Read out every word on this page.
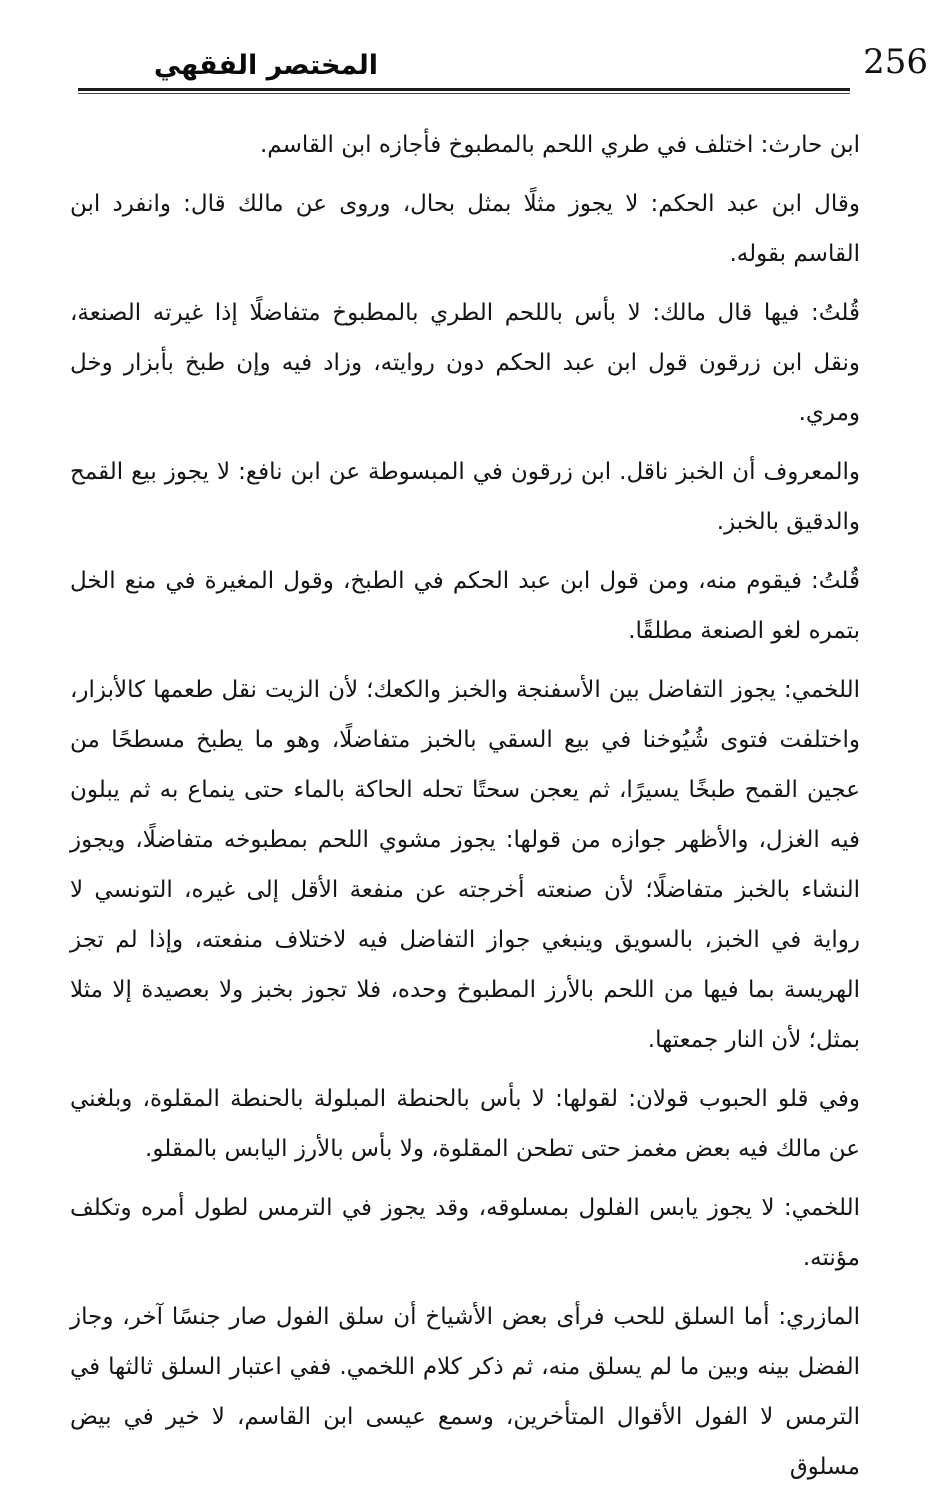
المختصر الفقهي	256

ابن حارث: اختلف في طري اللحم بالمطبوخ فأجازه ابن القاسم.

وقال ابن عبد الحكم: لا يجوز مثلًا بمثل بحال، وروى عن مالك قال: وانفرد ابن القاسم بقوله.

قُلتُ: فيها قال مالك: لا بأس باللحم الطري بالمطبوخ متفاضلًا إذا غيرته الصنعة، ونقل ابن زرقون قول ابن عبد الحكم دون روايته، وزاد فيه وإن طبخ بأبزار وخل ومري.

والمعروف أن الخبز ناقل. ابن زرقون في المبسوطة عن ابن نافع: لا يجوز بيع القمح والدقيق بالخبز.

قُلتُ: فيقوم منه، ومن قول ابن عبد الحكم في الطبخ، وقول المغيرة في منع الخل بتمره لغو الصنعة مطلقًا.

اللخمي: يجوز التفاضل بين الأسفنجة والخبز والكعك؛ لأن الزيت نقل طعمها كالأبزار، واختلفت فتوى شُيُوخنا في بيع السقي بالخبز متفاضلًا، وهو ما يطبخ مسطحًا من عجين القمح طبخًا يسيرًا، ثم يعجن سحتًا تحله الحاكة بالماء حتى ينماع به ثم يبلون فيه الغزل، والأظهر جوازه من قولها: يجوز مشوي اللحم بمطبوخه متفاضلًا، ويجوز النشاء بالخبز متفاضلًا؛ لأن صنعته أخرجته عن منفعة الأقل إلى غيره، التونسي لا رواية في الخبز، بالسويق وينبغي جواز التفاضل فيه لاختلاف منفعته، وإذا لم تجز الهريسة بما فيها من اللحم بالأرز المطبوخ وحده، فلا تجوز بخبز ولا بعصيدة إلا مثلا بمثل؛ لأن النار جمعتها.

وفي قلو الحبوب قولان: لقولها: لا بأس بالحنطة المبلولة بالحنطة المقلوة، وبلغني عن مالك فيه بعض مغمز حتى تطحن المقلوة، ولا بأس بالأرز اليابس بالمقلو.

اللخمي: لا يجوز يابس الفلول بمسلوقه، وقد يجوز في الترمس لطول أمره وتكلف مؤنته.

المازري: أما السلق للحب فرأى بعض الأشياخ أن سلق الفول صار جنسًا آخر، وجاز الفضل بينه وبين ما لم يسلق منه، ثم ذكر كلام اللخمي. ففي اعتبار السلق ثالثها في الترمس لا الفول الأقوال المتأخرين، وسمع عيسى ابن القاسم، لا خير في بيض مسلوق
